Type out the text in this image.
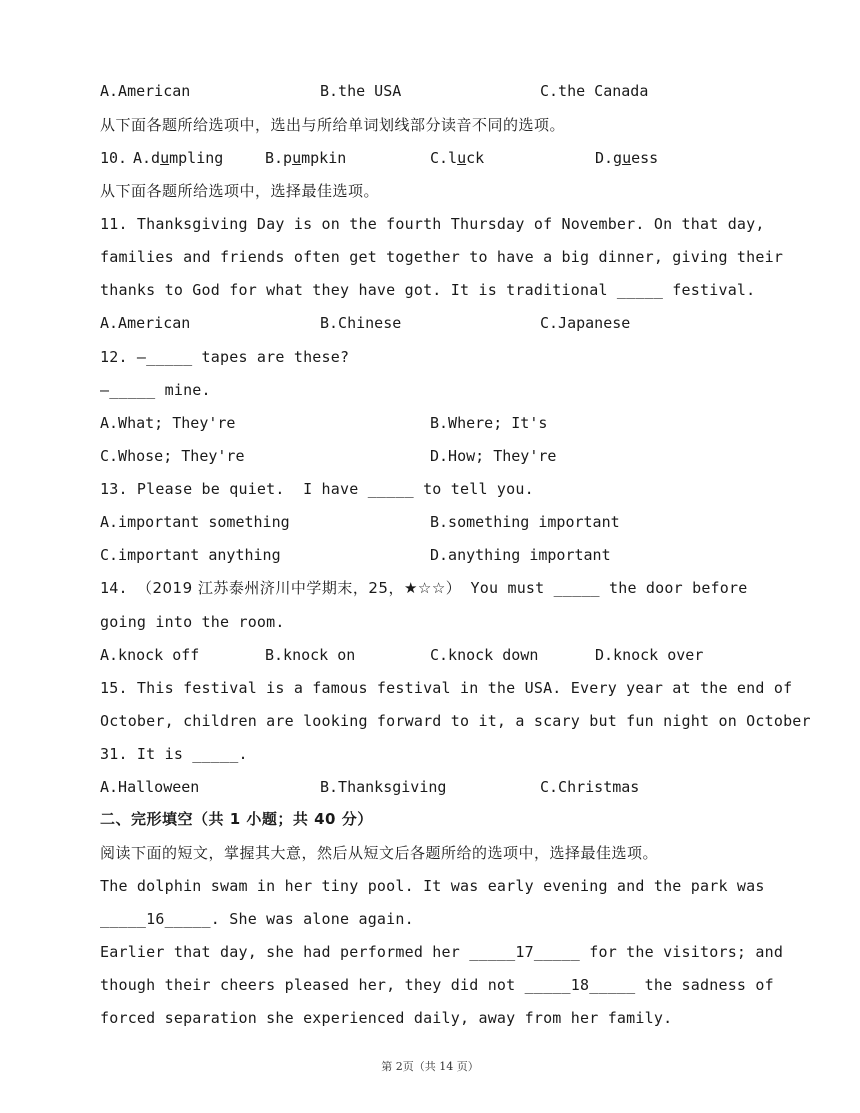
A.American	B.the USA	C.the Canada
从下面各题所给选项中，选出与所给单词划线部分读音不同的选项。
10. A.dumpling	B.pumpkin	C.luck	D.guess
从下面各题所给选项中，选择最佳选项。
11. Thanksgiving Day is on the fourth Thursday of November. On that day,
families and friends often get together to have a big dinner, giving their
thanks to God for what they have got. It is traditional _____ festival.
A.American	B.Chinese	C.Japanese
12. —_____ tapes are these?
—_____ mine.
A.What; They're	B.Where; It's
C.Whose; They're	D.How; They're
13. Please be quiet.  I have _____ to tell you.
A.important something	B.something important
C.important anything	D.anything important
14. （2019 江苏泰州济川中学期末，25，★☆☆） You must _____ the door before
going into the room.
A.knock off	B.knock on	C.knock down	D.knock over
15. This festival is a famous festival in the USA. Every year at the end of
October, children are looking forward to it, a scary but fun night on October
31. It is _____.
A.Halloween	B.Thanksgiving	C.Christmas
二、完形填空（共 1 小题；共 40 分）
阅读下面的短文，掌握其大意，然后从短文后各题所给的选项中，选择最佳选项。
The dolphin swam in her tiny pool. It was early evening and the park was
_____16_____. She was alone again.
Earlier that day, she had performed her _____17_____ for the visitors; and
though their cheers pleased her, they did not _____18_____ the sadness of
forced separation she experienced daily, away from her family.
第 2页（共 14 页）
